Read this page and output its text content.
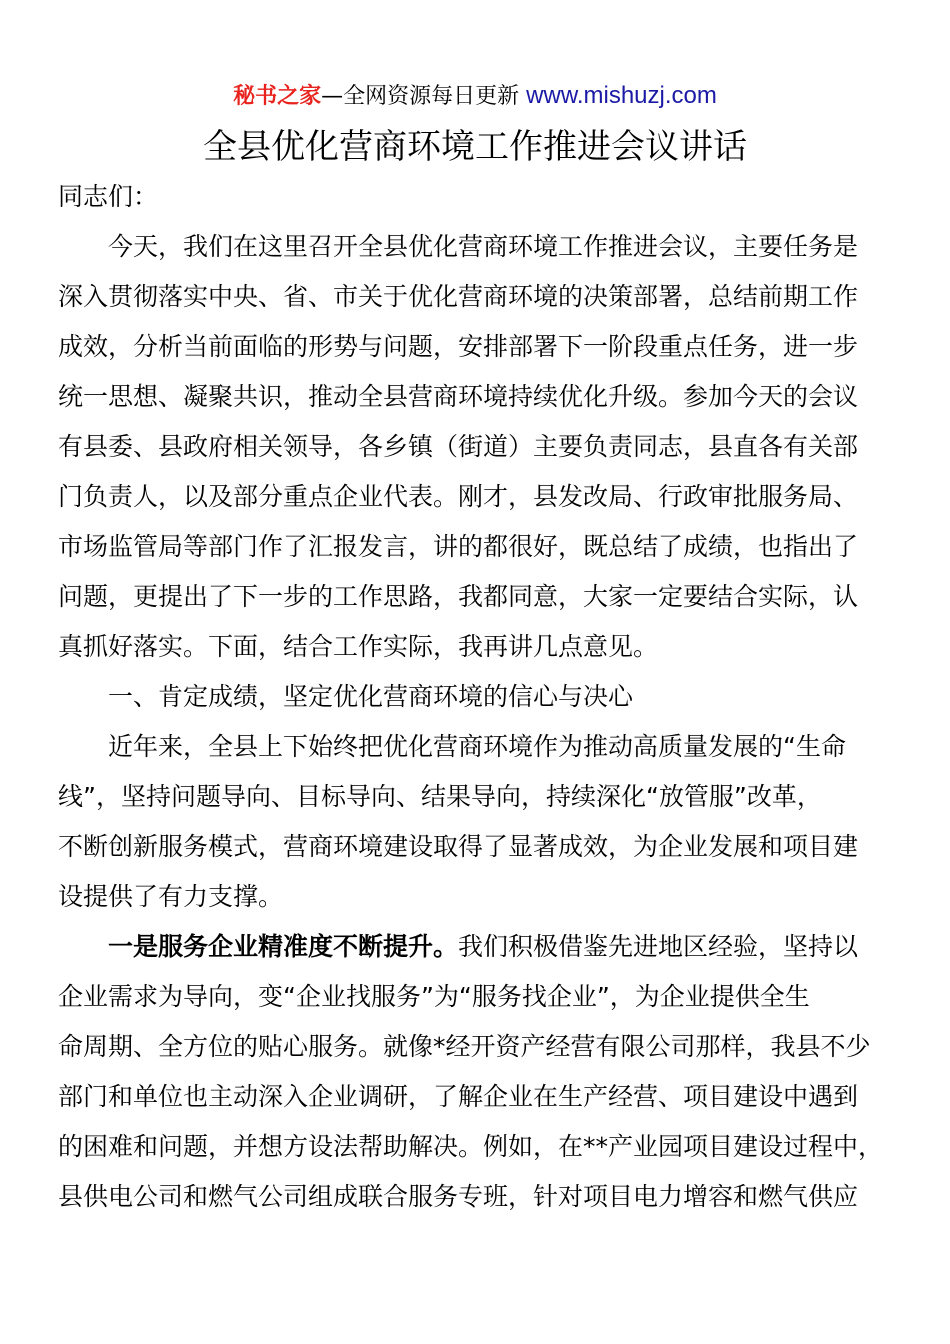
秘书之家—全网资源每日更新 www.mishuzj.com
全县优化营商环境工作推进会议讲话
同志们：
今天，我们在这里召开全县优化营商环境工作推进会议，主要任务是
深入贯彻落实中央、省、市关于优化营商环境的决策部署，总结前期工作
成效，分析当前面临的形势与问题，安排部署下一阶段重点任务，进一步
统一思想、凝聚共识，推动全县营商环境持续优化升级。参加今天的会议
有县委、县政府相关领导，各乡镇（街道）主要负责同志，县直各有关部
门负责人，以及部分重点企业代表。刚才，县发改局、行政审批服务局、
市场监管局等部门作了汇报发言，讲的都很好，既总结了成绩，也指出了
问题，更提出了下一步的工作思路，我都同意，大家一定要结合实际，认
真抓好落实。下面，结合工作实际，我再讲几点意见。
一、肯定成绩，坚定优化营商环境的信心与决心
近年来，全县上下始终把优化营商环境作为推动高质量发展的“生命
线”，坚持问题导向、目标导向、结果导向，持续深化“放管服”改革，
不断创新服务模式，营商环境建设取得了显著成效，为企业发展和项目建
设提供了有力支撑。
一是服务企业精准度不断提升。我们积极借鉴先进地区经验，坚持以
企业需求为导向，变“企业找服务”为“服务找企业”，为企业提供全生
命周期、全方位的贴心服务。就像*经开资产经营有限公司那样，我县不少
部门和单位也主动深入企业调研，了解企业在生产经营、项目建设中遇到
的困难和问题，并想方设法帮助解决。例如，在**产业园项目建设过程中，
县供电公司和燃气公司组成联合服务专班，针对项目电力增容和燃气供应
